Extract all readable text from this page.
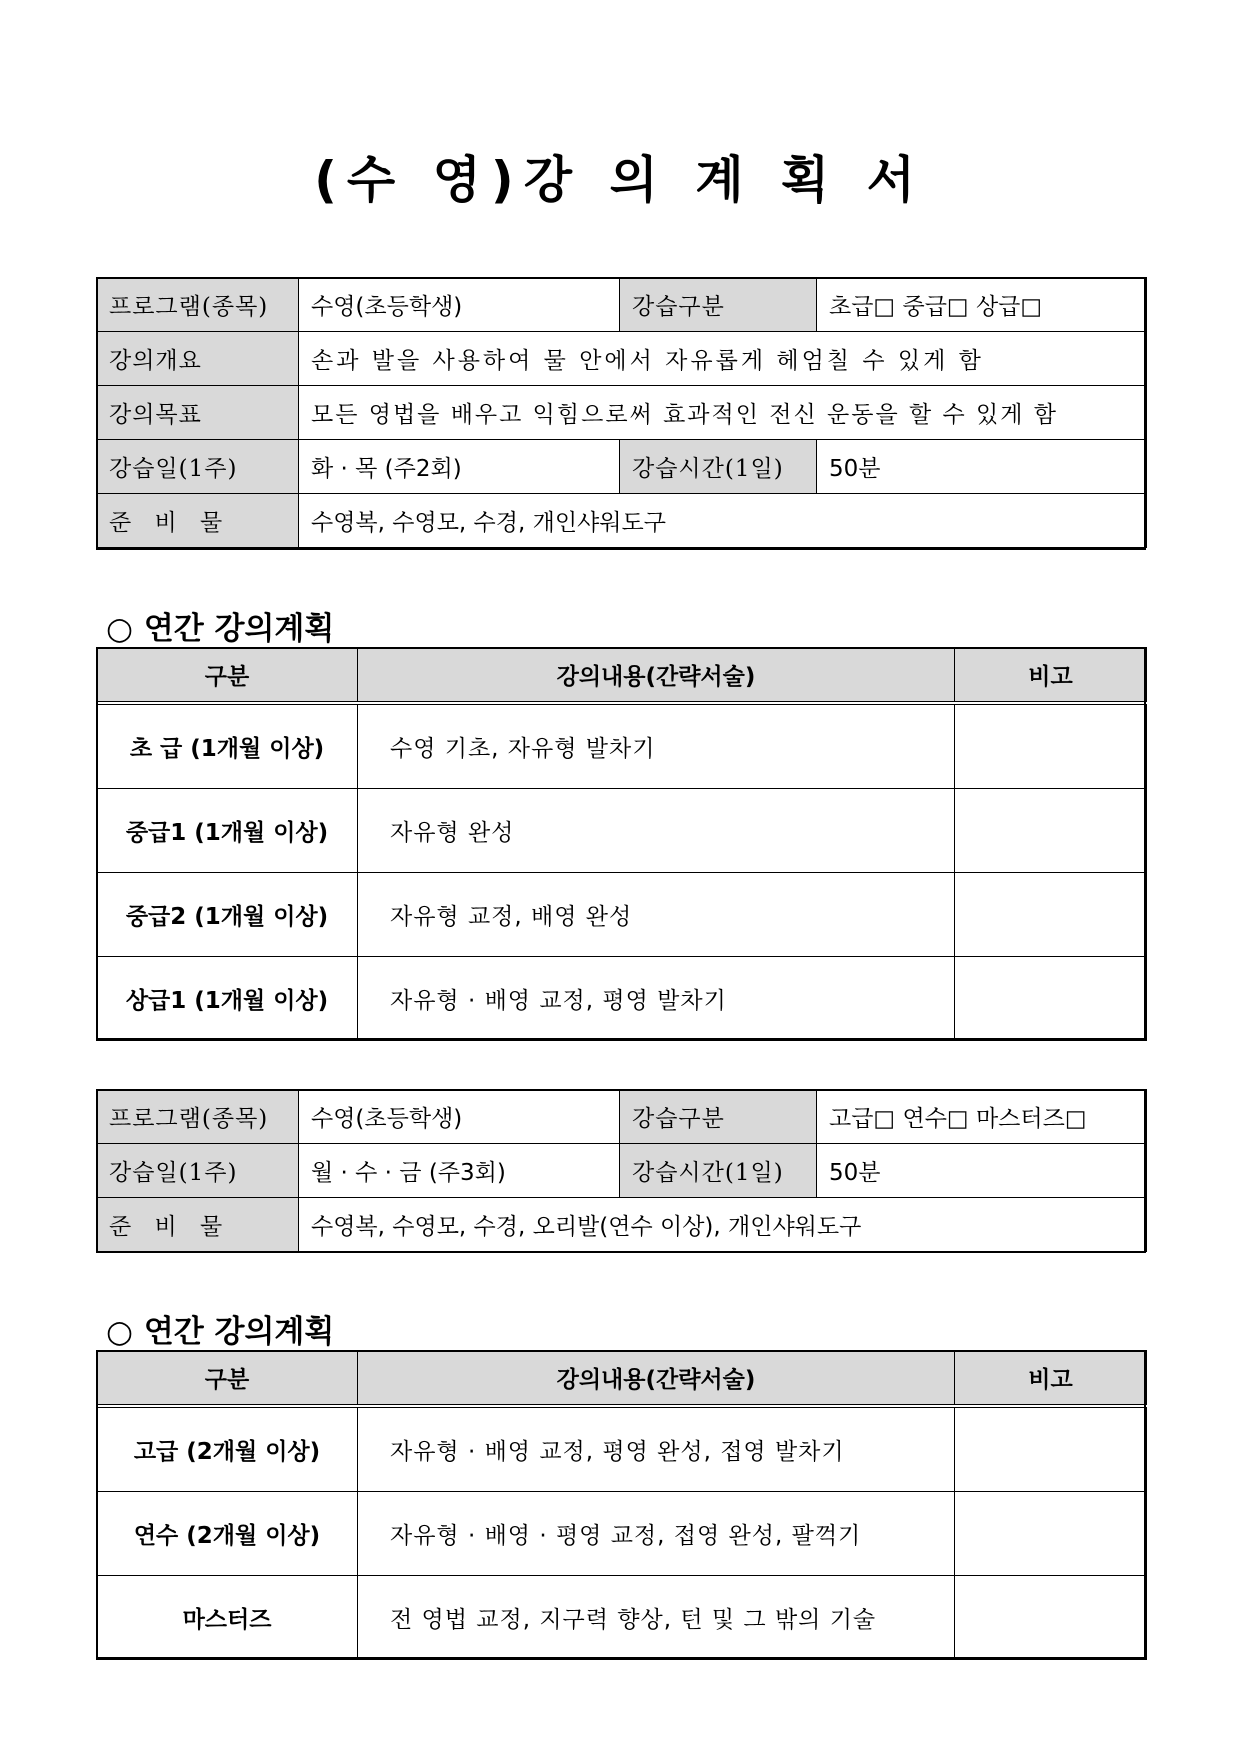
(수 영)강 의 계 획 서
프로그램(종목)	수영(초등학생)	강습구분	초급□ 중급□ 상급□
강의개요	손과 발을 사용하여 물 안에서 자유롭게 헤엄칠 수 있게 함		
강의목표	모든 영법을 배우고 익힘으로써 효과적인 전신 운동을 할 수 있게 함		
강습일(1주)	화 · 목 (주2회)	강습시간(1일)	50분
준 비 물	수영복, 수영모, 수경, 개인샤워도구		
○ 연간 강의계획
구분	강의내용(간략서술)	비고
초 급 (1개월 이상)	수영 기초, 자유형 발차기	
중급1 (1개월 이상)	자유형 완성	
중급2 (1개월 이상)	자유형 교정, 배영 완성	
상급1 (1개월 이상)	자유형 · 배영 교정, 평영 발차기	
프로그램(종목)	수영(초등학생)	강습구분	고급□ 연수□ 마스터즈□
강습일(1주)	월 · 수 · 금 (주3회)	강습시간(1일)	50분
준 비 물	수영복, 수영모, 수경, 오리발(연수 이상), 개인샤워도구		
○ 연간 강의계획
구분	강의내용(간략서술)	비고
고급 (2개월 이상)	자유형 · 배영 교정, 평영 완성, 접영 발차기	
연수 (2개월 이상)	자유형 · 배영 · 평영 교정, 접영 완성, 팔꺽기	
마스터즈	전 영법 교정, 지구력 향상, 턴 및 그 밖의 기술	
